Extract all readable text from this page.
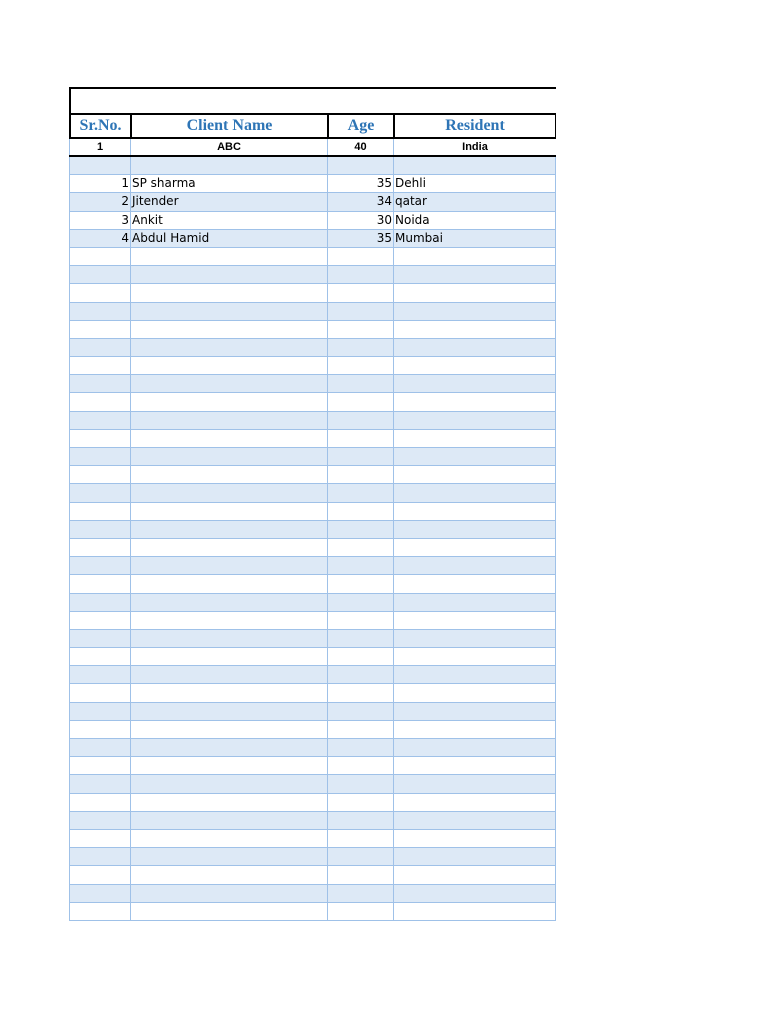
Sr.No.	Client Name	Age	Resident
1	ABC	40	India
1 SP sharma	35 Dehli
2 Jitender	34 qatar
3 Ankit	30 Noida
4 Abdul Hamid	35 Mumbai
